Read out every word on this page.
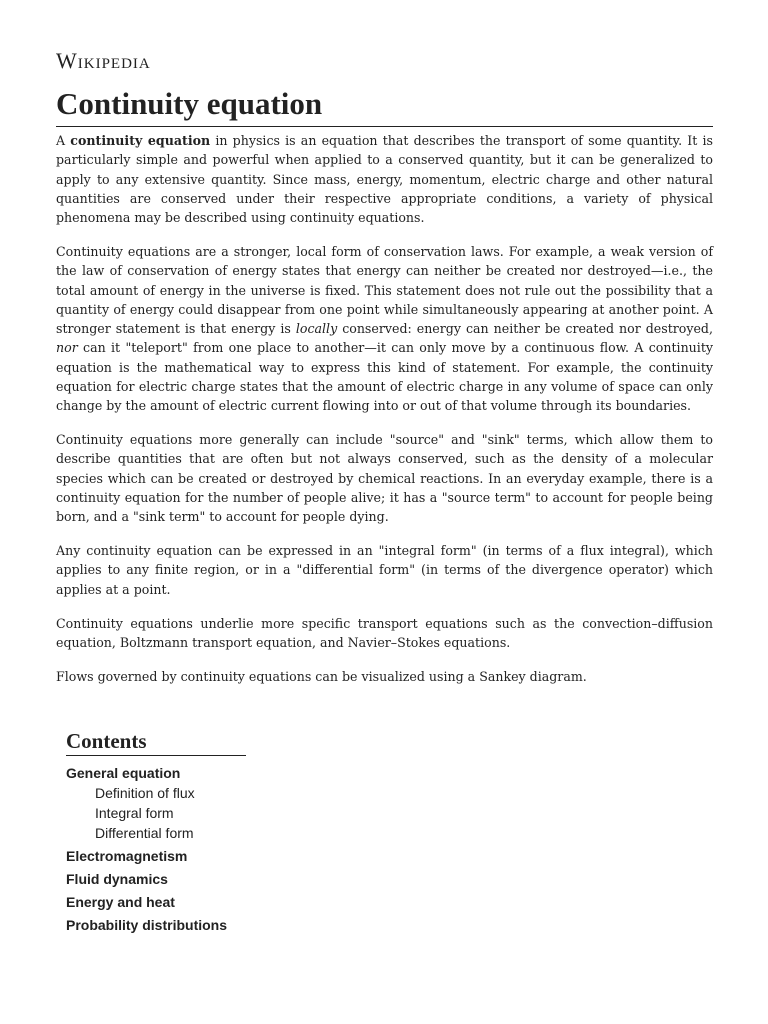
Wikipedia
Continuity equation

A continuity equation in physics is an equation that describes the transport of some quantity. It is particularly simple and powerful when applied to a conserved quantity, but it can be generalized to apply to any extensive quantity. Since mass, energy, momentum, electric charge and other natural quantities are conserved under their respective appropriate conditions, a variety of physical phenomena may be described using continuity equations.

Continuity equations are a stronger, local form of conservation laws. For example, a weak version of the law of conservation of energy states that energy can neither be created nor destroyed—i.e., the total amount of energy in the universe is fixed. This statement does not rule out the possibility that a quantity of energy could disappear from one point while simultaneously appearing at another point. A stronger statement is that energy is locally conserved: energy can neither be created nor destroyed, nor can it "teleport" from one place to another—it can only move by a continuous flow. A continuity equation is the mathematical way to express this kind of statement. For example, the continuity equation for electric charge states that the amount of electric charge in any volume of space can only change by the amount of electric current flowing into or out of that volume through its boundaries.

Continuity equations more generally can include "source" and "sink" terms, which allow them to describe quantities that are often but not always conserved, such as the density of a molecular species which can be created or destroyed by chemical reactions. In an everyday example, there is a continuity equation for the number of people alive; it has a "source term" to account for people being born, and a "sink term" to account for people dying.

Any continuity equation can be expressed in an "integral form" (in terms of a flux integral), which applies to any finite region, or in a "differential form" (in terms of the divergence operator) which applies at a point.

Continuity equations underlie more specific transport equations such as the convection–diffusion equation, Boltzmann transport equation, and Navier–Stokes equations.

Flows governed by continuity equations can be visualized using a Sankey diagram.

Contents
General equation
Definition of flux
Integral form
Differential form
Electromagnetism
Fluid dynamics
Energy and heat
Probability distributions
